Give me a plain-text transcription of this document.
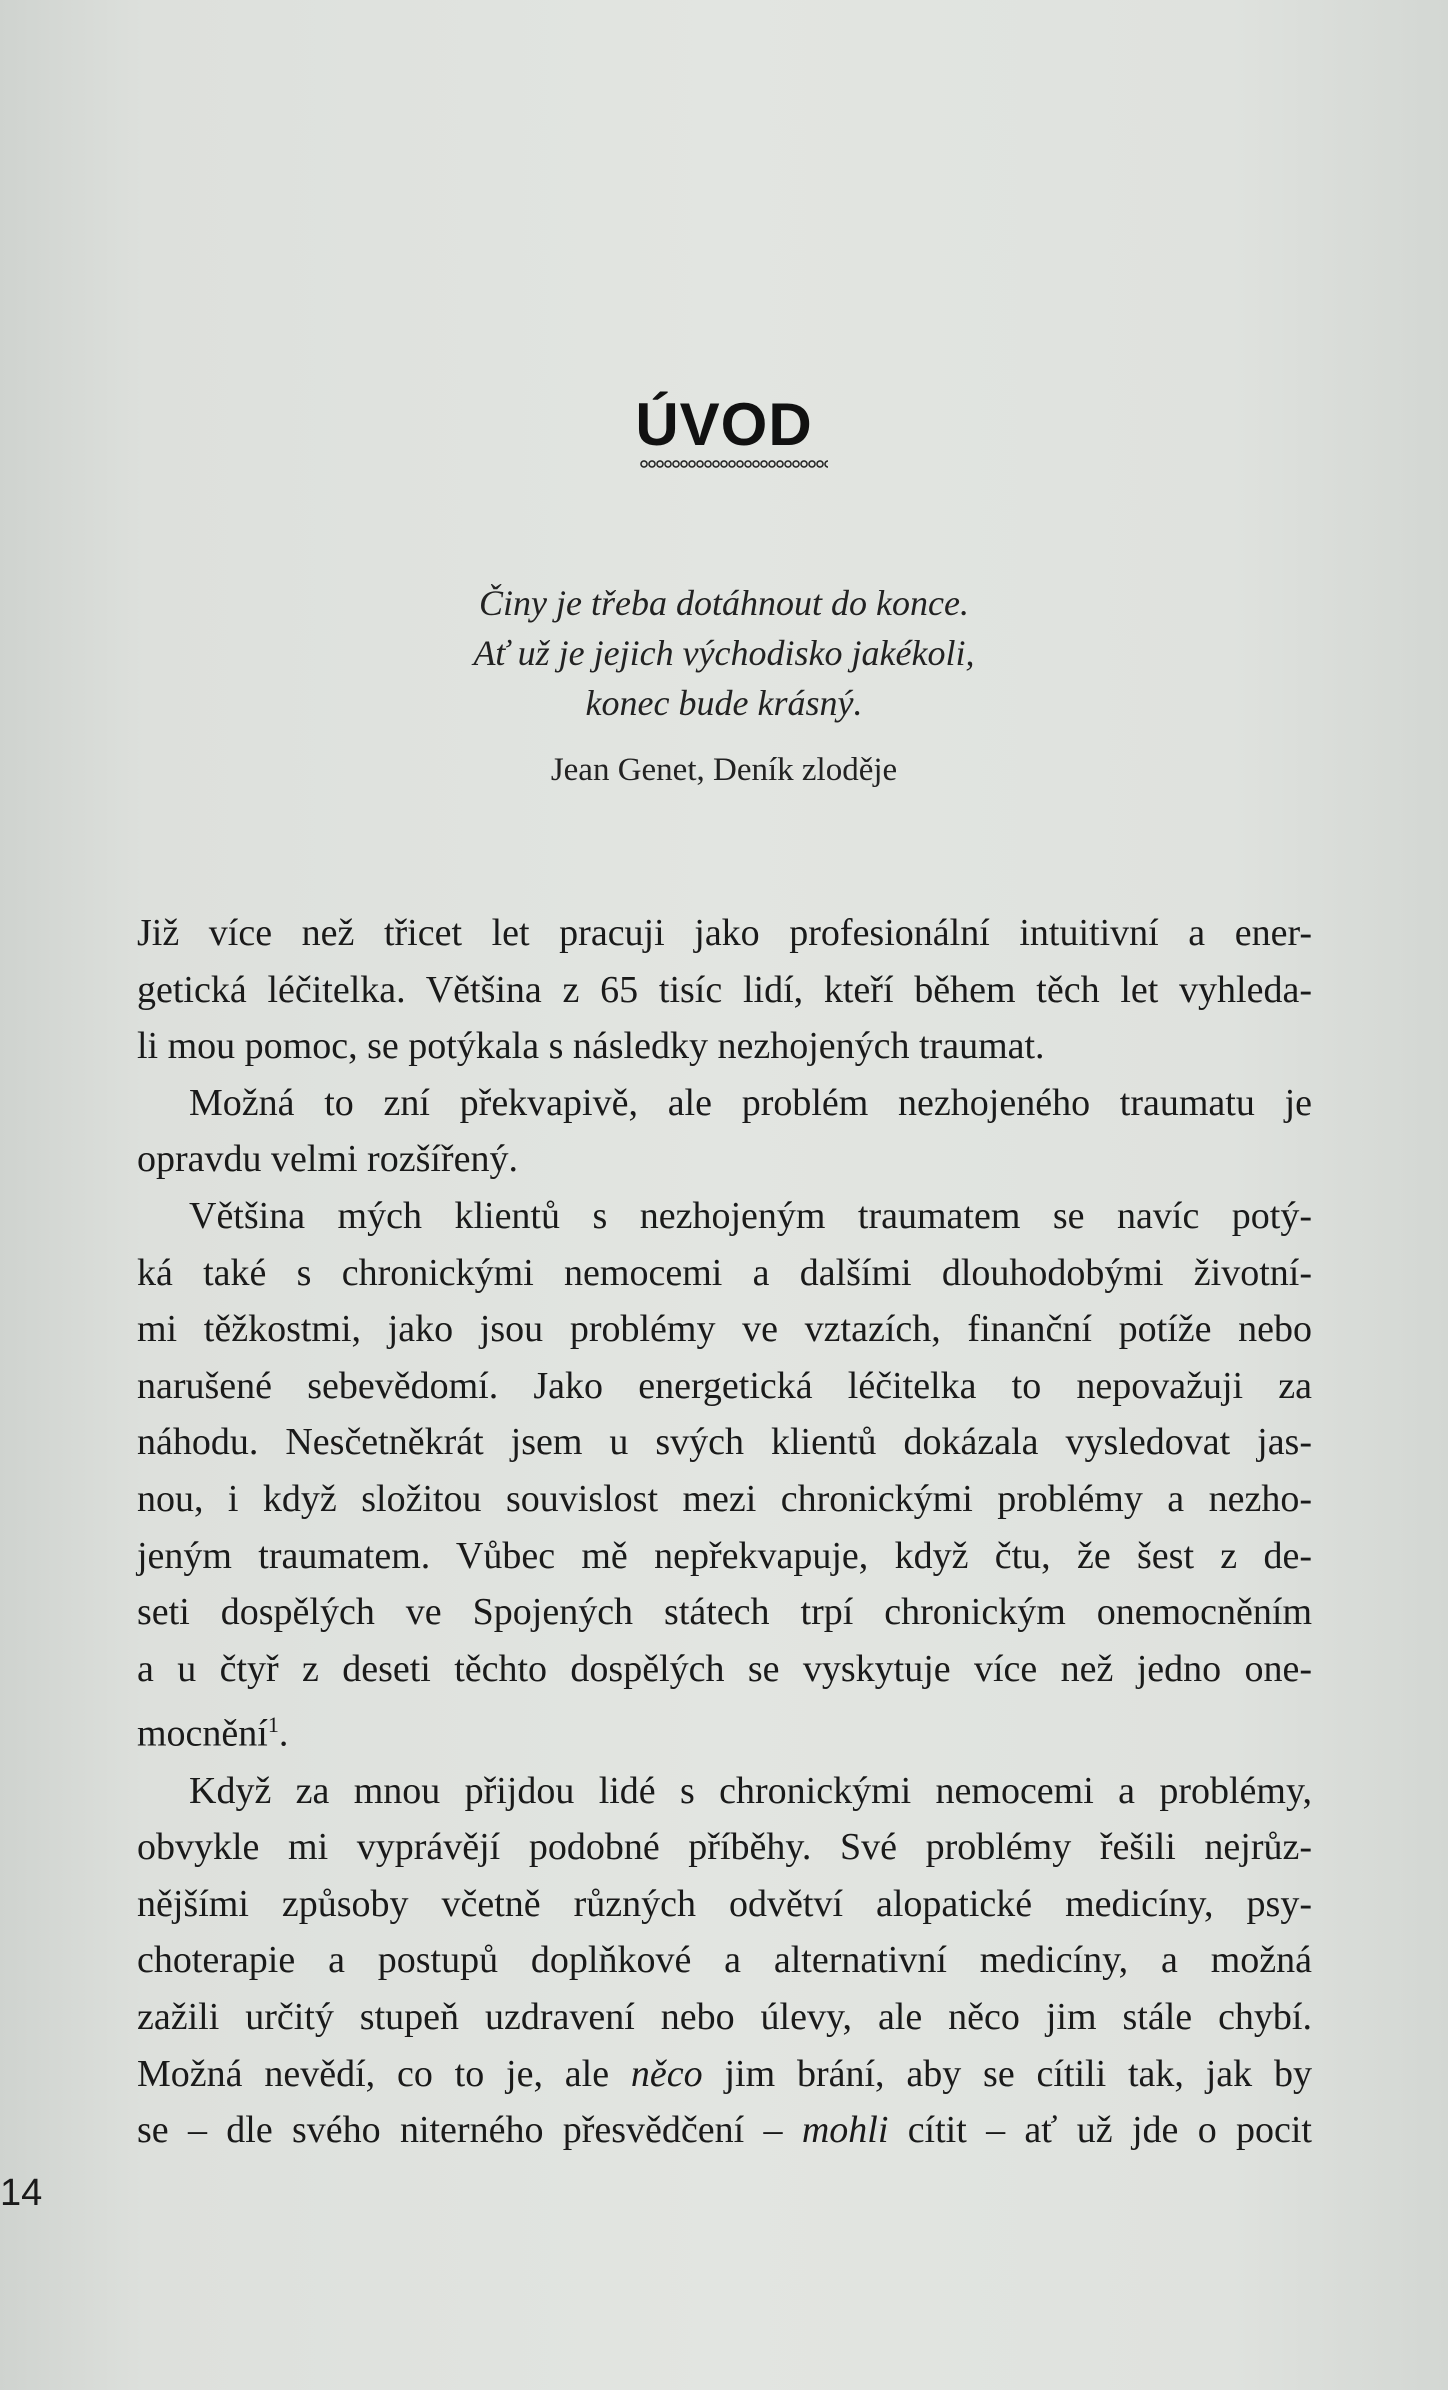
ÚVOD
Činy je třeba dotáhnout do konce.
Ať už je jejich východisko jakékoli,
konec bude krásný.
Jean Genet, Deník zloděje
Již více než třicet let pracuji jako profesionální intuitivní a ener-
getická léčitelka. Většina z 65 tisíc lidí, kteří během těch let vyhleda-
li mou pomoc, se potýkala s následky nezhojených traumat.
Možná to zní překvapivě, ale problém nezhojeného traumatu je
opravdu velmi rozšířený.
Většina mých klientů s nezhojeným traumatem se navíc potý-
ká také s chronickými nemocemi a dalšími dlouhodobými životní-
mi těžkostmi, jako jsou problémy ve vztazích, finanční potíže nebo
narušené sebevědomí. Jako energetická léčitelka to nepovažuji za
náhodu. Nesčetněkrát jsem u svých klientů dokázala vysledovat jas-
nou, i když složitou souvislost mezi chronickými problémy a nezho-
jeným traumatem. Vůbec mě nepřekvapuje, když čtu, že šest z de-
seti dospělých ve Spojených státech trpí chronickým onemocněním
a u čtyř z deseti těchto dospělých se vyskytuje více než jedno one-
mocnění$^1$.
Když za mnou přijdou lidé s chronickými nemocemi a problémy,
obvykle mi vyprávějí podobné příběhy. Své problémy řešili nejrůz-
nějšími způsoby včetně různých odvětví alopatické medicíny, psy-
choterapie a postupů doplňkové a alternativní medicíny, a možná
zažili určitý stupeň uzdravení nebo úlevy, ale něco jim stále chybí.
Možná nevědí, co to je, ale něco jim brání, aby se cítili tak, jak by
se – dle svého niterného přesvědčení – mohli cítit – ať už jde o pocit
14
